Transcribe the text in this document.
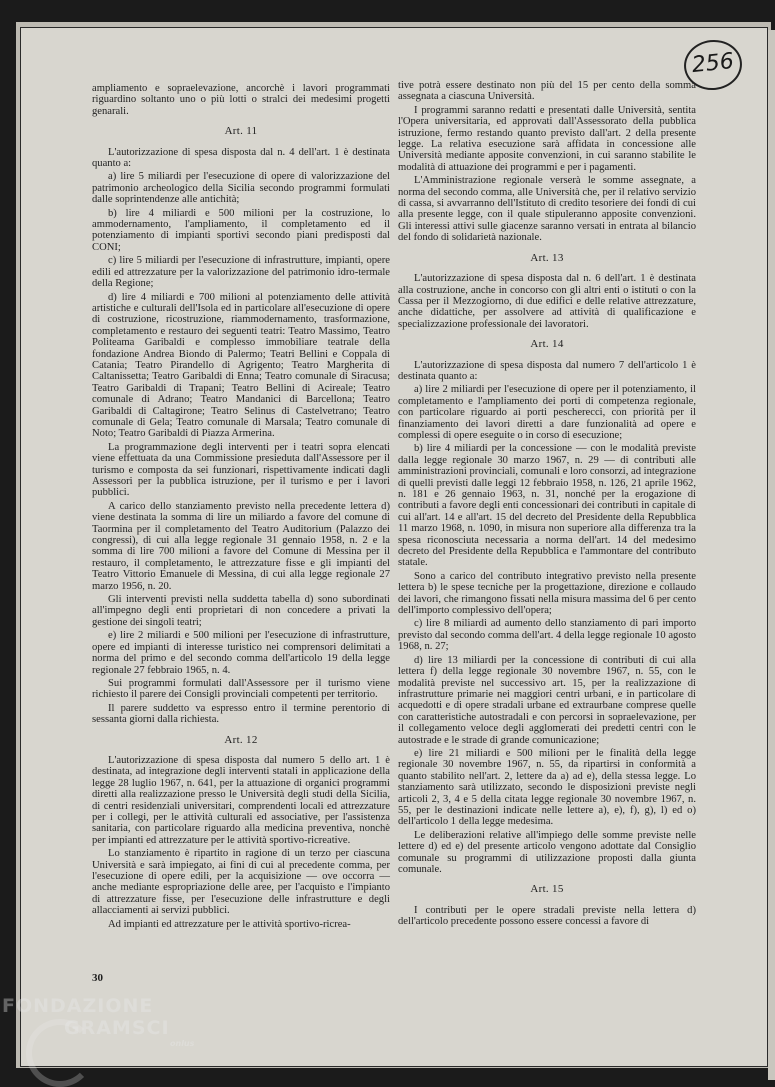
256

ampliamento e sopraelevazione, ancorchè i lavori programmati riguardino soltanto uno o più lotti o stralci dei medesimi progetti genarali.

Art. 11

L'autorizzazione di spesa disposta dal n. 4 dell'art. 1 è destinata quanto a:

a) lire 5 miliardi per l'esecuzione di opere di valorizzazione del patrimonio archeologico della Sicilia secondo programmi formulati dalle soprintendenze alle antichità;

b) lire 4 miliardi e 500 milioni per la costruzione, lo ammodernamento, l'ampliamento, il completamento ed il potenziamento di impianti sportivi secondo piani predisposti dal CONI;

c) lire 5 miliardi per l'esecuzione di infrastrutture, impianti, opere edili ed attrezzature per la valorizzazione del patrimonio idro-termale della Regione;

d) lire 4 miliardi e 700 milioni al potenziamento delle attività artistiche e culturali dell'Isola ed in particolare all'esecuzione di opere di costruzione, ricostruzione, riammodernamento, trasformazione, completamento e restauro dei seguenti teatri: Teatro Massimo, Teatro Politeama Garibaldi e complesso immobiliare teatrale della fondazione Andrea Biondo di Palermo; Teatri Bellini e Coppala di Catania; Teatro Pirandello di Agrigento; Teatro Margherita di Caltanissetta; Teatro Garibaldi di Enna; Teatro comunale di Siracusa; Teatro Garibaldi di Trapani; Teatro Bellini di Acireale; Teatro comunale di Adrano; Teatro Mandanici di Barcellona; Teatro Garibaldi di Caltagirone; Teatro Selinus di Castelvetrano; Teatro comunale di Gela; Teatro comunale di Marsala; Teatro comunale di Noto; Teatro Garibaldi di Piazza Armerina.

La programmazione degli interventi per i teatri sopra elencati viene effettuata da una Commissione presieduta dall'Assessore per il turismo e composta da sei funzionari, rispettivamente indicati dagli Assessori per la pubblica istruzione, per il turismo e per i lavori pubblici.

A carico dello stanziamento previsto nella precedente lettera d) viene destinata la somma di lire un miliardo a favore del comune di Taormina per il completamento del Teatro Auditorium (Palazzo dei congressi), di cui alla legge regionale 31 gennaio 1958, n. 2 e la somma di lire 700 milioni a favore del Comune di Messina per il restauro, il completamento, le attrezzature fisse e gli impianti del Teatro Vittorio Emanuele di Messina, di cui alla legge regionale 27 marzo 1956, n. 20.

Gli interventi previsti nella suddetta tabella d) sono subordinati all'impegno degli enti proprietari di non concedere a privati la gestione dei singoli teatri;

e) lire 2 miliardi e 500 milioni per l'esecuzione di infrastrutture, opere ed impianti di interesse turistico nei comprensori delimitati a norma del primo e del secondo comma dell'articolo 19 della legge regionale 27 febbraio 1965, n. 4.

Sui programmi formulati dall'Assessore per il turismo viene richiesto il parere dei Consigli provinciali competenti per territorio.

Il parere suddetto va espresso entro il termine perentorio di sessanta giorni dalla richiesta.

Art. 12

L'autorizzazione di spesa disposta dal numero 5 dello art. 1 è destinata, ad integrazione degli interventi statali in applicazione della legge 28 luglio 1967, n. 641, per la attuazione di organici programmi diretti alla realizzazione presso le Università degli studi della Sicilia, di centri residenziali universitari, comprendenti locali ed attrezzature per i collegi, per le attività culturali ed associative, per l'assistenza sanitaria, con particolare riguardo alla medicina preventiva, nonchè per impianti ed attrezzature per le attività sportivo-ricreative.

Lo stanziamento è ripartito in ragione di un terzo per ciascuna Università e sarà impiegato, ai fini di cui al precedente comma, per l'esecuzione di opere edili, per la acquisizione — ove occorra — anche mediante espropriazione delle aree, per l'acquisto e l'impianto di attrezzature fisse, per l'esecuzione delle infrastrutture e degli allacciamenti ai servizi pubblici.

Ad impianti ed attrezzature per le attività sportivo-ricrea-

tive potrà essere destinato non più del 15 per cento della somma assegnata a ciascuna Università.

I programmi saranno redatti e presentati dalle Università, sentita l'Opera universitaria, ed approvati dall'Assessorato della pubblica istruzione, fermo restando quanto previsto dall'art. 2 della presente legge. La relativa esecuzione sarà affidata in concessione alle Università mediante apposite convenzioni, in cui saranno stabilite le modalità di attuazione dei programmi e per i pagamenti.

L'Amministrazione regionale verserà le somme assegnate, a norma del secondo comma, alle Università che, per il relativo servizio di cassa, si avvarranno dell'Istituto di credito tesoriere dei fondi di cui alla presente legge, con il quale stipuleranno apposite convenzioni. Gli interessi attivi sulle giacenze saranno versati in entrata al bilancio del fondo di solidarietà nazionale.

Art. 13

L'autorizzazione di spesa disposta dal n. 6 dell'art. 1 è destinata alla costruzione, anche in concorso con gli altri enti o istituti o con la Cassa per il Mezzogiorno, di due edifici e delle relative attrezzature, anche didattiche, per assolvere ad attività di qualificazione e specializzazione professionale dei lavoratori.

Art. 14

L'autorizzazione di spesa disposta dal numero 7 dell'articolo 1 è destinata quanto a:

a) lire 2 miliardi per l'esecuzione di opere per il potenziamento, il completamento e l'ampliamento dei porti di competenza regionale, con particolare riguardo ai porti pescherecci, con priorità per il finanziamento dei lavori diretti a dare funzionalità ad opere e complessi di opere eseguite o in corso di esecuzione;

b) lire 4 miliardi per la concessione — con le modalità previste dalla legge regionale 30 marzo 1967, n. 29 — di contributi alle amministrazioni provinciali, comunali e loro consorzi, ad integrazione di quelli previsti dalle leggi 12 febbraio 1958, n. 126, 21 aprile 1962, n. 181 e 26 gennaio 1963, n. 31, nonché per la erogazione di contributi a favore degli enti concessionari dei contributi in capitale di cui all'art. 14 e all'art. 15 del decreto del Presidente della Repubblica 11 marzo 1968, n. 1090, in misura non superiore alla differenza tra la spesa riconosciuta necessaria a norma dell'art. 14 del medesimo decreto del Presidente della Repubblica e l'ammontare del contributo statale.

Sono a carico del contributo integrativo previsto nella presente lettera b) le spese tecniche per la progettazione, direzione e collaudo dei lavori, che rimangono fissati nella misura massima del 6 per cento dell'importo complessivo dell'opera;

c) lire 8 miliardi ad aumento dello stanziamento di pari importo previsto dal secondo comma dell'art. 4 della legge regionale 10 agosto 1968, n. 27;

d) lire 13 miliardi per la concessione di contributi di cui alla lettera f) della legge regionale 30 novembre 1967, n. 55, con le modalità previste nel successivo art. 15, per la realizzazione di infrastrutture primarie nei maggiori centri urbani, e in particolare di acquedotti e di opere stradali urbane ed extraurbane comprese quelle con caratteristiche autostradali e con percorsi in sopraelevazione, per il collegamento veloce degli agglomerati dei predetti centri con le autostrade e le strade di grande comunicazione;

e) lire 21 miliardi e 500 milioni per le finalità della legge regionale 30 novembre 1967, n. 55, da ripartirsi in conformità a quanto stabilito nell'art. 2, lettere da a) ad e), della stessa legge. Lo stanziamento sarà utilizzato, secondo le disposizioni previste negli articoli 2, 3, 4 e 5 della citata legge regionale 30 novembre 1967, n. 55, per le destinazioni indicate nelle lettere a), e), f), g), l) ed o) dell'articolo 1 della legge medesima.

Le deliberazioni relative all'impiego delle somme previste nelle lettere d) ed e) del presente articolo vengono adottate dal Consiglio comunale su programmi di utilizzazione proposti dalla giunta comunale.

Art. 15

I contributi per le opere stradali previste nella lettera d) dell'articolo precedente possono essere concessi a favore di

30
FONDAZIONE
GRAMSCI
onlus
